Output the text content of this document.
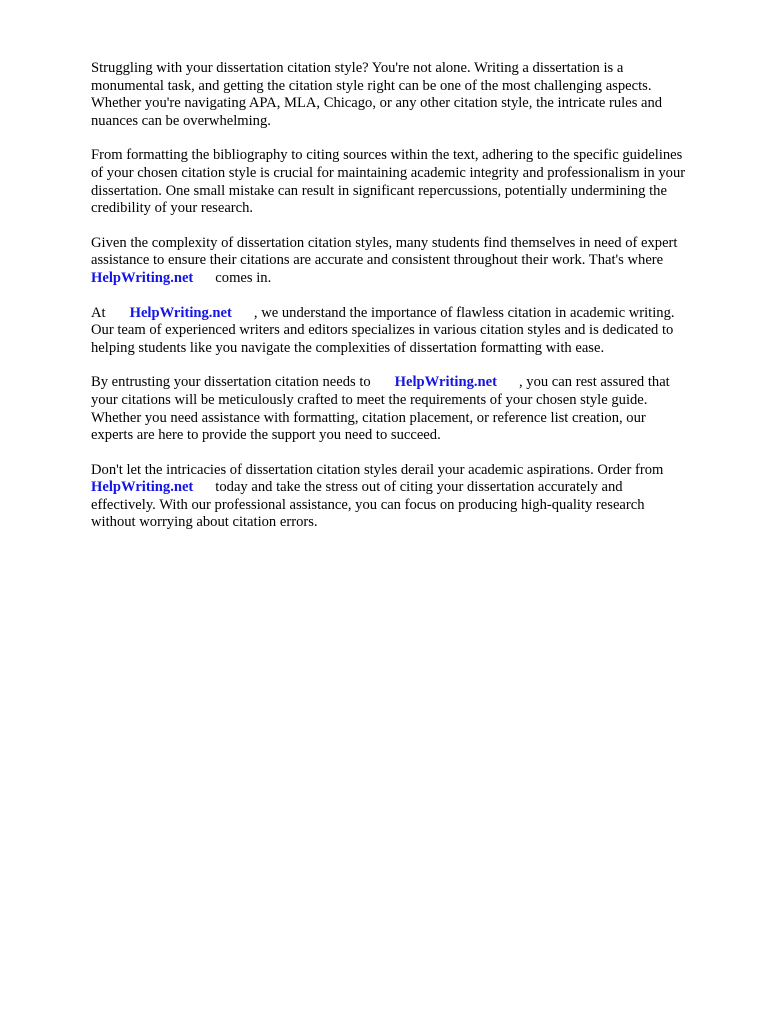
Struggling with your dissertation citation style? You're not alone. Writing a dissertation is a
monumental task, and getting the citation style right can be one of the most challenging aspects.
Whether you're navigating APA, MLA, Chicago, or any other citation style, the intricate rules and
nuances can be overwhelming.

From formatting the bibliography to citing sources within the text, adhering to the specific guidelines
of your chosen citation style is crucial for maintaining academic integrity and professionalism in your
dissertation. One small mistake can result in significant repercussions, potentially undermining the
credibility of your research.

Given the complexity of dissertation citation styles, many students find themselves in need of expert
assistance to ensure their citations are accurate and consistent throughout their work. That's where
HelpWriting.net comes in.

At HelpWriting.net , we understand the importance of flawless citation in academic writing.
Our team of experienced writers and editors specializes in various citation styles and is dedicated to
helping students like you navigate the complexities of dissertation formatting with ease.

By entrusting your dissertation citation needs to HelpWriting.net , you can rest assured that
your citations will be meticulously crafted to meet the requirements of your chosen style guide.
Whether you need assistance with formatting, citation placement, or reference list creation, our
experts are here to provide the support you need to succeed.

Don't let the intricacies of dissertation citation styles derail your academic aspirations. Order from
HelpWriting.net today and take the stress out of citing your dissertation accurately and
effectively. With our professional assistance, you can focus on producing high-quality research
without worrying about citation errors.
